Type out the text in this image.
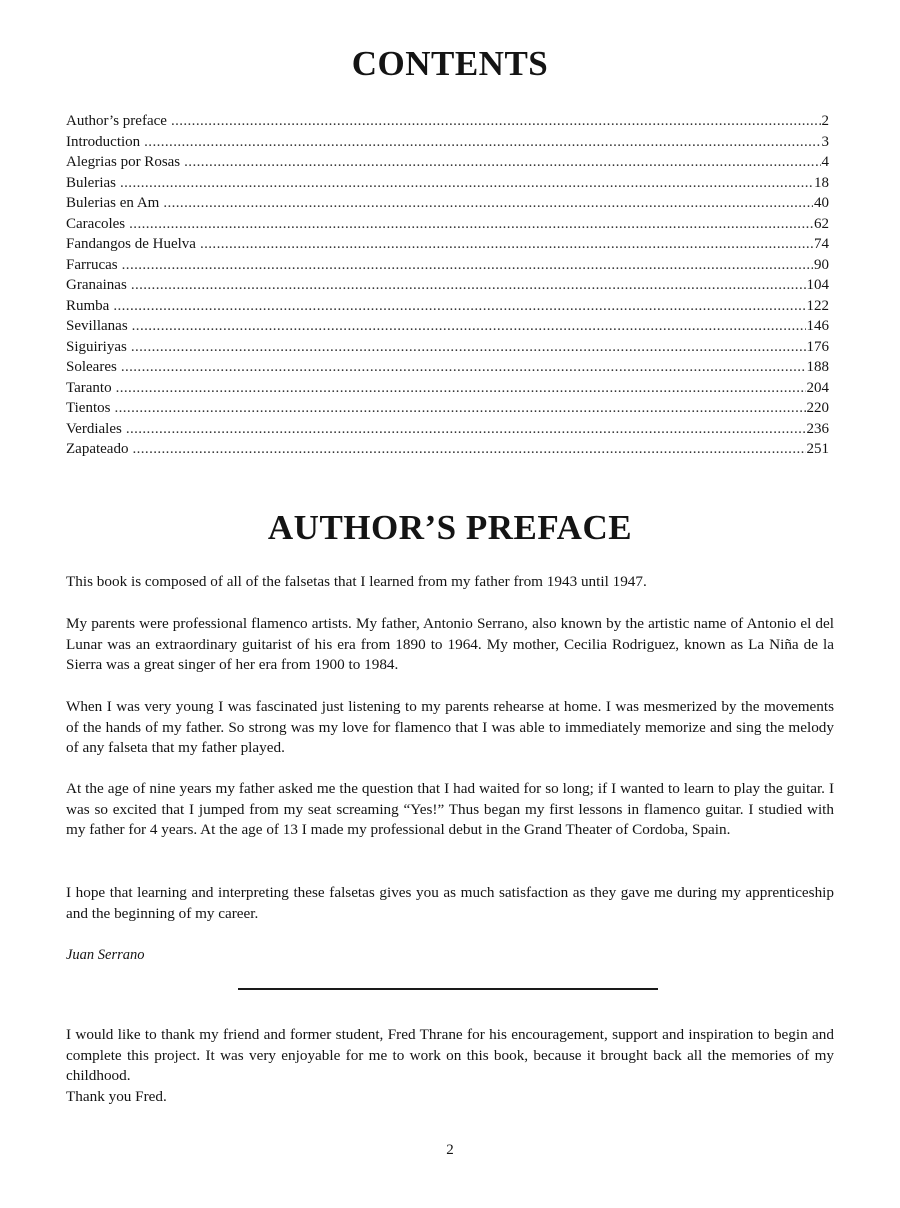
CONTENTS
Author’s preface .....	2
Introduction .....	3
Alegrias por Rosas .....	4
Bulerias .....	18
Bulerias en Am .....	40
Caracoles .....	62
Fandangos de Huelva .....	74
Farrucas .....	90
Granainas .....	104
Rumba .....	122
Sevillanas .....	146
Siguiriyas .....	176
Soleares .....	188
Taranto .....	204
Tientos .....	220
Verdiales .....	236
Zapateado .....	251
AUTHOR’S PREFACE

This book is composed of all of the falsetas that I learned from my father from 1943 until 1947.

My parents were professional flamenco artists. My father, Antonio Serrano, also known by the artistic name of Antonio el del Lunar was an extraordinary guitarist of his era from 1890 to 1964. My mother, Cecilia Rodriguez, known as La Niña de la Sierra was a great singer of her era from 1900 to 1984.

When I was very young I was fascinated just listening to my parents rehearse at home. I was mesmerized by the movements of the hands of my father. So strong was my love for flamenco that I was able to immediately memorize and sing the melody of any falseta that my father played.

At the age of nine years my father asked me the question that I had waited for so long; if I wanted to learn to play the guitar. I was so excited that I jumped from my seat screaming “Yes!” Thus began my first lessons in flamenco guitar. I studied with my father for 4 years. At the age of 13 I made my professional debut in the Grand Theater of Cordoba, Spain.

I hope that learning and interpreting these falsetas gives you as much satisfaction as they gave me during my apprenticeship and the beginning of my career.

Juan Serrano

I would like to thank my friend and former student, Fred Thrane for his encouragement, support and inspiration to begin and complete this project. It was very enjoyable for me to work on this book, because it brought back all the memories of my childhood.

Thank you Fred.

2
